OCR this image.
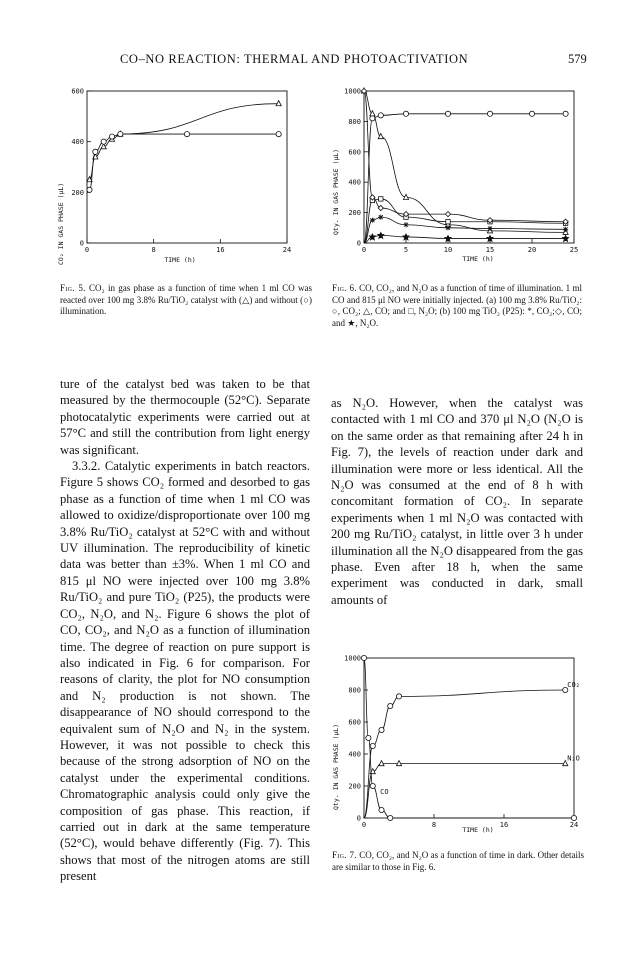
CO–NO REACTION: THERMAL AND PHOTOACTIVATION	579
0
200
400
600
0	8	16	24
CO₂ IN GAS PHASE (μL)	TIME (h)
Fig. 5. CO₂ in gas phase as a function of time when 1 ml CO was reacted over 100 mg 3.8% Ru/TiO₂ catalyst with (△) and without (○) illumination.
0
200
400
600
800
1000
0	5	10	15	20	25
Qty. IN GAS PHASE (μL)
TIME (h)
Fig. 6. CO, CO₂, and N₂O as a function of time of illumination. 1 ml CO and 815 μl NO were initially injected. (a) 100 mg 3.8% Ru/TiO₂: ○, CO₂; △, CO; and □, N₂O; (b) 100 mg TiO₂ (P25): *, CO₂;◇, CO; and ★, N₂O.

ture of the catalyst bed was taken to be that measured by the thermocouple (52°C). Separate photocatalytic experiments were carried out at 57°C and still the contribution from light energy was significant.

3.3.2. Catalytic experiments in batch reactors. Figure 5 shows CO₂ formed and desorbed to gas phase as a function of time when 1 ml CO was allowed to oxidize/disproportionate over 100 mg 3.8% Ru/TiO₂ catalyst at 52°C with and without UV illumination. The reproducibility of kinetic data was better than ±3%. When 1 ml CO and 815 μl NO were injected over 100 mg 3.8% Ru/TiO₂ and pure TiO₂ (P25), the products were CO₂, N₂O, and N₂. Figure 6 shows the plot of CO, CO₂, and N₂O as a function of illumination time. The degree of reaction on pure support is also indicated in Fig. 6 for comparison. For reasons of clarity, the plot for NO consumption and N₂ production is not shown. The disappearance of NO should correspond to the equivalent sum of N₂O and N₂ in the system. However, it was not possible to check this because of the strong adsorption of NO on the catalyst under the experimental conditions. Chromatographic analysis could only give the composition of gas phase. This reaction, if carried out in dark at the same temperature (52°C), would behave differently (Fig. 7). This shows that most of the nitrogen atoms are still present

as N₂O. However, when the catalyst was contacted with 1 ml CO and 370 μl N₂O (N₂O is on the same order as that remaining after 24 h in Fig. 7), the levels of reaction under dark and illumination were more or less identical. All the N₂O was consumed at the end of 8 h with concomitant formation of CO₂. In separate experiments when 1 ml N₂O was contacted with 200 mg Ru/TiO₂ catalyst, in little over 3 h under illumination all the N₂O disappeared from the gas phase. Even after 18 h, when the same experiment was conducted in dark, small amounts of

0
200
400
600
800
1000
0	8	16	24
CO₂
N₂O
CO
Qty. IN GAS PHASE (μL)
TIME (h)
Fig. 7. CO, CO₂, and N₂O as a function of time in dark. Other details are similar to those in Fig. 6.
